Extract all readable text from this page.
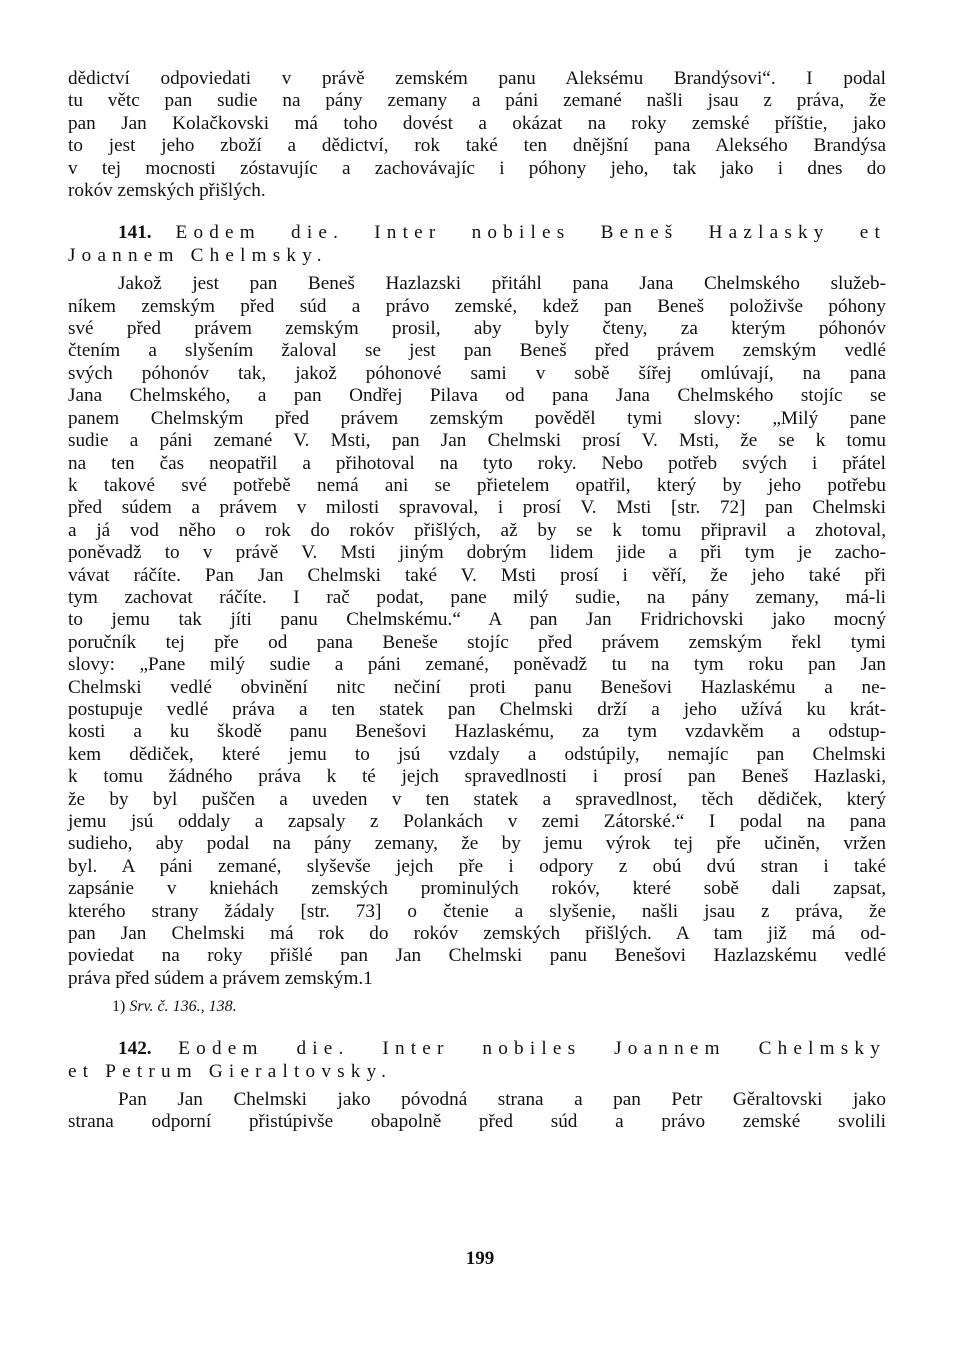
dědictví odpoviedati v právě zemském panu Aleksému Brandýsovi“. I podal
tu větc pan sudie na pány zemany a páni zemané našli jsau z práva, že
pan Jan Kolačkovski má toho dovést a okázat na roky zemské příštie, jako
to jest jeho zboží a dědictví, rok také ten dnějšní pana Aleksého Brandýsa
v tej mocnosti zóstavujíc a zachovávajíc i póhony jeho, tak jako i dnes do
rokóv zemských přišlých.
141. Eodem die. Inter nobiles Beneš Hazlasky et
Joannem Chelmsky.
Jakož jest pan Beneš Hazlazski přitáhl pana Jana Chelmského služeb-
níkem zemským před súd a právo zemské, kdež pan Beneš položivše póhony
své před právem zemským prosil, aby byly čteny, za kterým póhonóv
čtením a slyšením žaloval se jest pan Beneš před právem zemským vedlé
svých póhonóv tak, jakož póhonové sami v sobě šířej omlúvají, na pana
Jana Chelmského, a pan Ondřej Pilava od pana Jana Chelmského stojíc se
panem Chelmským před právem zemským pověděl tymi slovy: „Milý pane
sudie a páni zemané V. Msti, pan Jan Chelmski prosí V. Msti, že se k tomu
na ten čas neopatřil a přihotoval na tyto roky. Nebo potřeb svých i přátel
k takové své potřebě nemá ani se přietelem opatřil, který by jeho potřebu
před súdem a právem v milosti spravoval, i prosí V. Msti [str. 72] pan Chelmski
a já vod něho o rok do rokóv přišlých, až by se k tomu připravil a zhotoval,
poněvadž to v právě V. Msti jiným dobrým lidem jide a při tym je zacho-
vávat ráčíte. Pan Jan Chelmski také V. Msti prosí i věří, že jeho také při
tym zachovat ráčíte. I rač podat, pane milý sudie, na pány zemany, má-li
to jemu tak jíti panu Chelmskému.“ A pan Jan Fridrichovski jako mocný
poručník tej pře od pana Beneše stojíc před právem zemským řekl tymi
slovy: „Pane milý sudie a páni zemané, poněvadž tu na tym roku pan Jan
Chelmski vedlé obvinění nitc nečiní proti panu Benešovi Hazlaskému a ne-
postupuje vedlé práva a ten statek pan Chelmski drží a jeho užívá ku krát-
kosti a ku škodě panu Benešovi Hazlaskému, za tym vzdavkěm a odstup-
kem dědiček, které jemu to jsú vzdaly a odstúpily, nemajíc pan Chelmski
k tomu žádného práva k té jejch spravedlnosti i prosí pan Beneš Hazlaski,
že by byl puščen a uveden v ten statek a spravedlnost, těch dědiček, který
jemu jsú oddaly a zapsaly z Polankách v zemi Zátorské.“ I podal na pana
sudieho, aby podal na pány zemany, že by jemu výrok tej pře učiněn, vržen
byl. A páni zemané, slyševše jejch pře i odpory z obú dvú stran i také
zapsánie v kniehách zemských prominulých rokóv, které sobě dali zapsat,
kterého strany žádaly [str. 73] o čtenie a slyšenie, našli jsau z práva, že
pan Jan Chelmski má rok do rokóv zemských přišlých. A tam již má od-
poviedat na roky přišlé pan Jan Chelmski panu Benešovi Hazlazskému vedlé
práva před súdem a právem zemským.1
1) Srv. č. 136., 138.
142. Eodem die. Inter nobiles Joannem Chelmsky
et Petrum Gieraltovsky.
Pan Jan Chelmski jako póvodná strana a pan Petr Gěraltovski jako
strana odporní přistúpivše obapolně před súd a právo zemské svolili
199
